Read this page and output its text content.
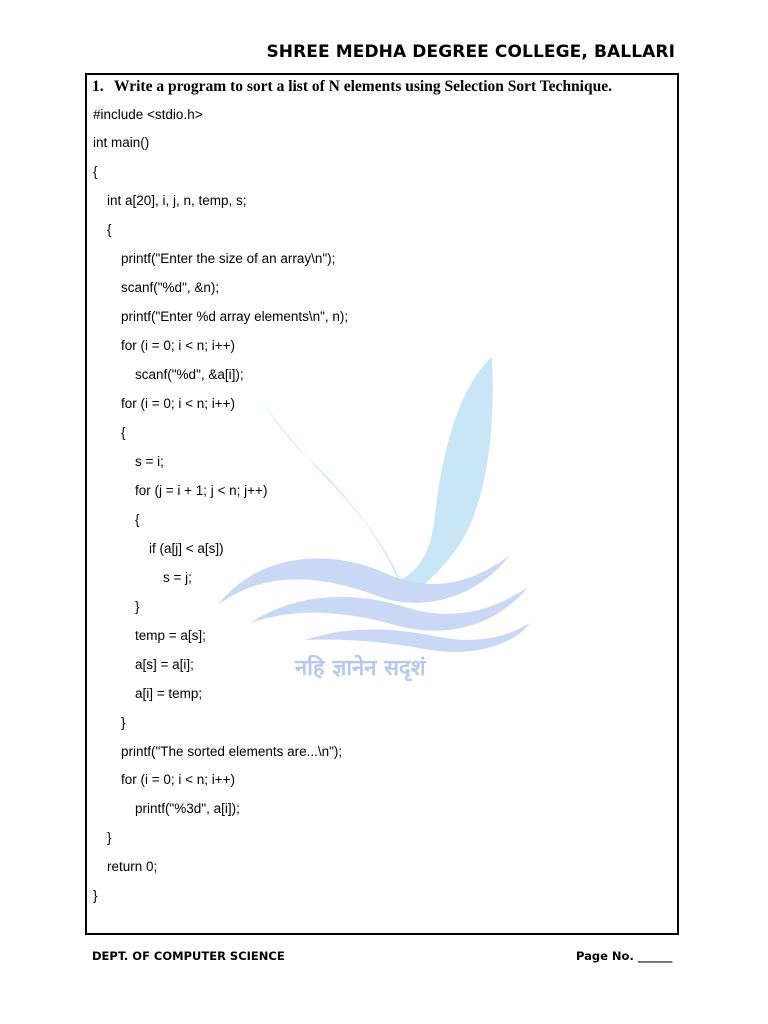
SHREE MEDHA DEGREE COLLEGE, BALLARI
नहि ज्ञानेन सदृशं
1. Write a program to sort a list of N elements using Selection Sort Technique.
#include <stdio.h>
int main()
{
int a[20], i, j, n, temp, s;
{
printf("Enter the size of an array\n");
scanf("%d", &n);
printf("Enter %d array elements\n", n);
for (i = 0; i < n; i++)
scanf("%d", &a[i]);
for (i = 0; i < n; i++)
{
s = i;
for (j = i + 1; j < n; j++)
{
if (a[j] < a[s])
s = j;
}
temp = a[s];
a[s] = a[i];
a[i] = temp;
}
printf("The sorted elements are...\n");
for (i = 0; i < n; i++)
printf("%3d", a[i]);
}
return 0;
}
DEPT. OF COMPUTER SCIENCE	Page No. ______
